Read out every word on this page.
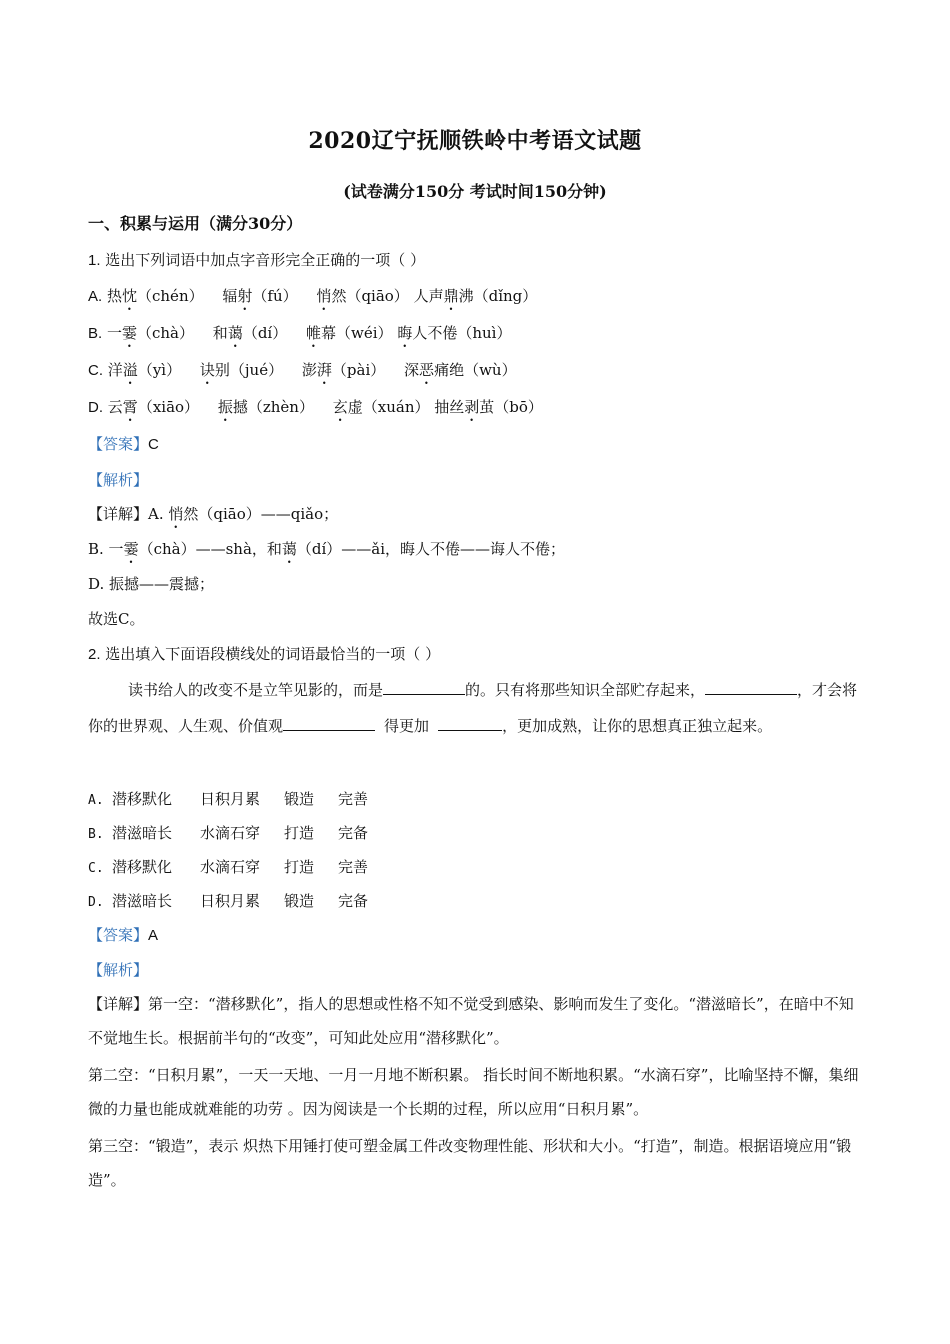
2020辽宁抚顺铁岭中考语文试题
(试卷满分150分 考试时间150分钟)
一、积累与运用（满分30分）
1. 选出下列词语中加点字音形完全正确的一项（ ）
A. 热忱（chén） 辐射（fú） 悄然（qiāo） 人声鼎沸（dǐng）
B. 一霎（chà） 和蔼（dí） 帷幕（wéi） 晦人不倦（huì）
C. 洋溢（yì） 诀别（jué） 澎湃（pài） 深恶痛绝（wù）
D. 云霄（xiāo） 振撼（zhèn） 玄虚（xuán） 抽丝剥茧（bō）
【答案】C
【解析】
【详解】A. 悄然（qiāo）——qiǎo；
B. 一霎（chà）——shà，和蔼（dí）——ǎi，晦人不倦——诲人不倦；
D. 振撼——震撼；
故选C。
2. 选出填入下面语段横线处的词语最恰当的一项（ ）
读书给人的改变不是立竿见影的，而是	的。只有将那些知识全部贮存起来，	，才会将你的世界观、人生观、价值观	得更加	，更加成熟，让你的思想真正独立起来。
A. 潜移默化 日积月累 锻造 完善
B. 潜滋暗长 水滴石穿 打造 完备
C. 潜移默化 水滴石穿 打造 完善
D. 潜滋暗长 日积月累 锻造 完备
【答案】A
【解析】
【详解】第一空：“潜移默化”，指人的思想或性格不知不觉受到感染、影响而发生了变化。“潜滋暗长”，在暗中不知不觉地生长。根据前半句的“改变”，可知此处应用“潜移默化”。
第二空：“日积月累”，一天一天地、一月一月地不断积累。 指长时间不断地积累。“水滴石穿”，比喻坚持不懈，集细微的力量也能成就难能的功劳 。因为阅读是一个长期的过程，所以应用“日积月累”。
第三空：“锻造”，表示 炽热下用锤打使可塑金属工件改变物理性能、形状和大小。“打造”，制造。根据语境应用“锻造”。
